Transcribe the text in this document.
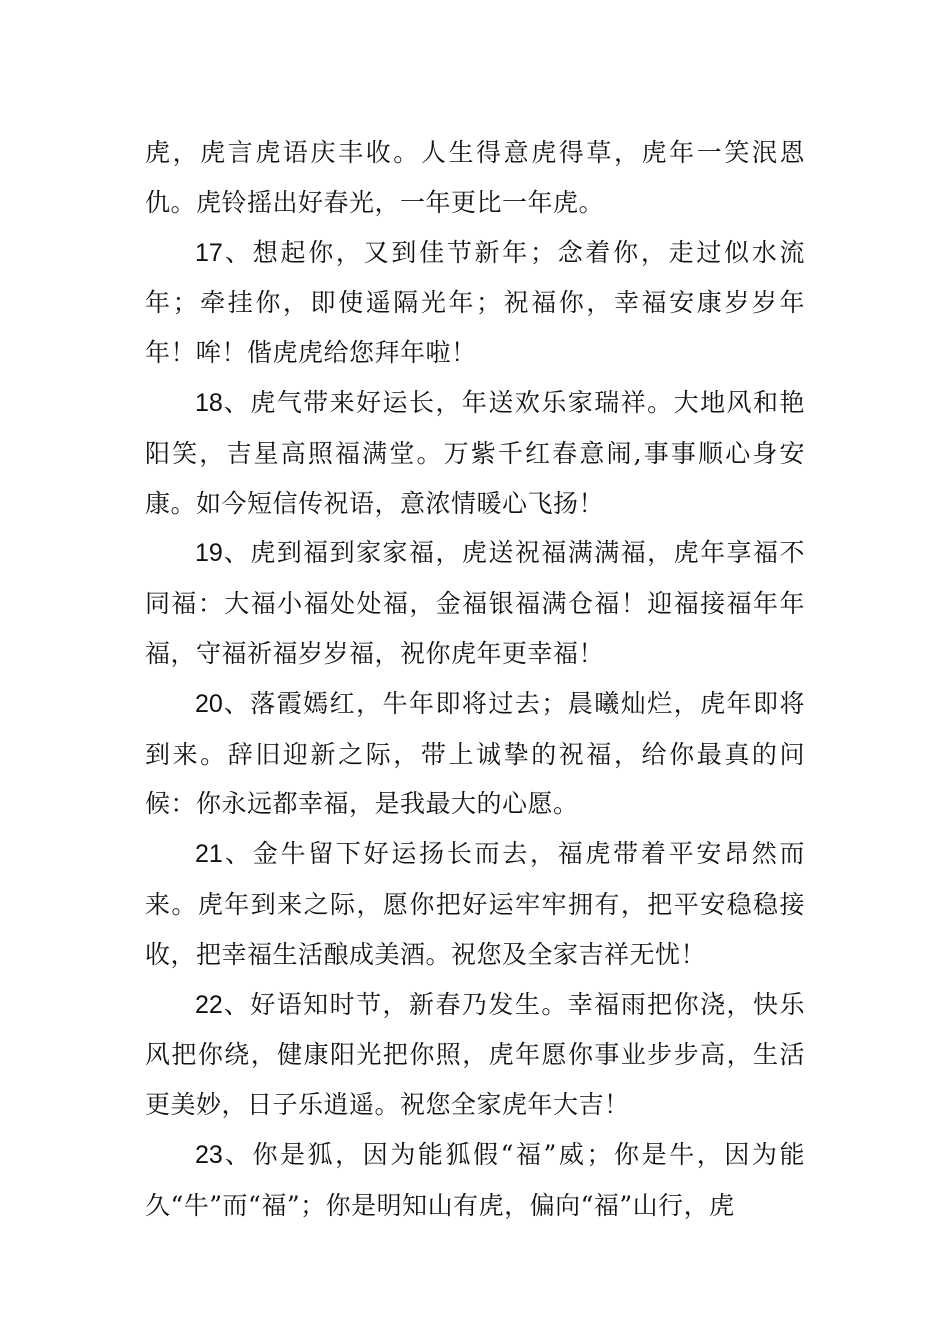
虎，虎言虎语庆丰收。人生得意虎得草，虎年一笑泯恩仇。虎铃摇出好春光，一年更比一年虎。

17、想起你，又到佳节新年；念着你，走过似水流年；牵挂你，即使遥隔光年；祝福你，幸福安康岁岁年年！哞！偕虎虎给您拜年啦！

18、虎气带来好运长，年送欢乐家瑞祥。大地风和艳阳笑，吉星高照福满堂。万紫千红春意闹,事事顺心身安康。如今短信传祝语，意浓情暖心飞扬！

19、虎到福到家家福，虎送祝福满满福，虎年享福不同福：大福小福处处福，金福银福满仓福！迎福接福年年福，守福祈福岁岁福，祝你虎年更幸福！

20、落霞嫣红，牛年即将过去；晨曦灿烂，虎年即将到来。辞旧迎新之际，带上诚挚的祝福，给你最真的问候：你永远都幸福，是我最大的心愿。

21、金牛留下好运扬长而去，福虎带着平安昂然而来。虎年到来之际，愿你把好运牢牢拥有，把平安稳稳接收，把幸福生活酿成美酒。祝您及全家吉祥无忧！

22、好语知时节，新春乃发生。幸福雨把你浇，快乐风把你绕，健康阳光把你照，虎年愿你事业步步高，生活更美妙，日子乐逍遥。祝您全家虎年大吉！

23、你是狐，因为能狐假“福”威；你是牛，因为能久“牛”而“福”；你是明知山有虎，偏向“福”山行，虎
